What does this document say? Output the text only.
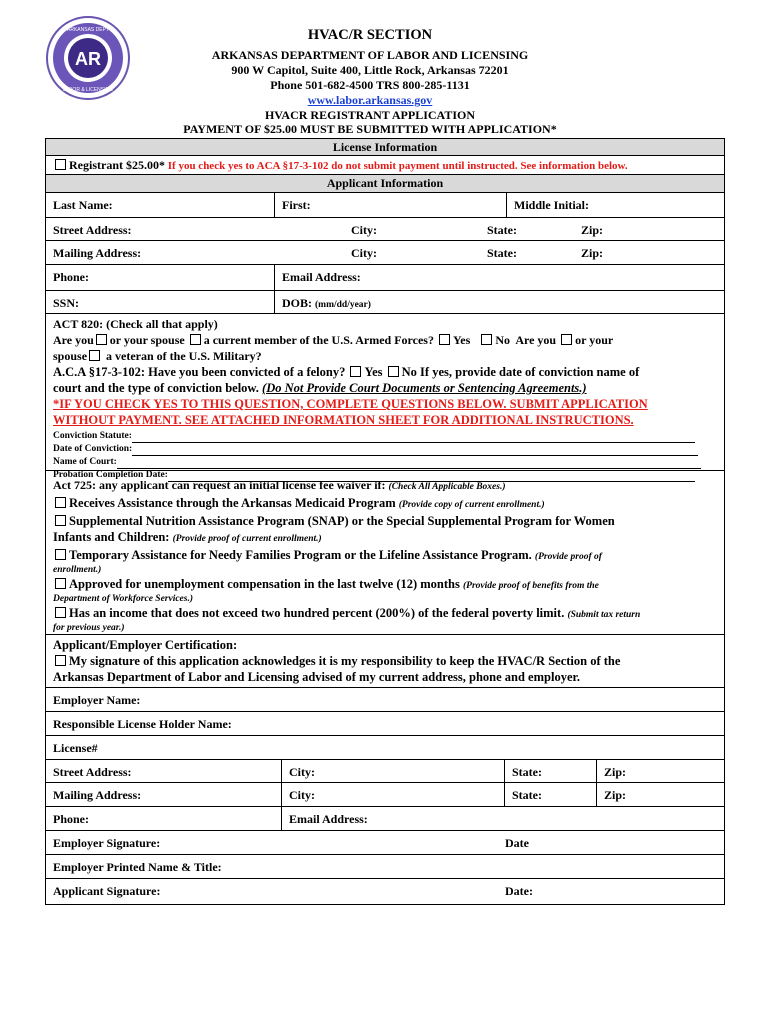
AR
ARKANSAS DEPT
LABOR & LICENSING
HVAC/R SECTION
ARKANSAS DEPARTMENT OF LABOR AND LICENSING
900 W Capitol, Suite 400, Little Rock, Arkansas 72201
Phone 501-682-4500 TRS 800-285-1131
www.labor.arkansas.gov
HVACR REGISTRANT APPLICATION
PAYMENT OF $25.00 MUST BE SUBMITTED WITH APPLICATION*
License Information
Registrant $25.00* If you check yes to ACA §17-3-102 do not submit payment until instructed. See information below.
Applicant Information
Last Name:	First:	Middle Initial:
Street Address:	City:	State:	Zip:
Mailing Address:	City:	State:	Zip:
Phone:	Email Address:
SSN:	DOB: (mm/dd/year)

ACT 820: (Check all that apply)

Are you or your spouse a current member of the U.S. Armed Forces? Yes No Are you or your

spouse a veteran of the U.S. Military?

A.C.A §17-3-102: Have you been convicted of a felony? Yes No If yes, provide date of conviction name of

court and the type of conviction below. (Do Not Provide Court Documents or Sentencing Agreements.)

*IF YOU CHECK YES TO THIS QUESTION, COMPLETE QUESTIONS BELOW. SUBMIT APPLICATION

WITHOUT PAYMENT. SEE ATTACHED INFORMATION SHEET FOR ADDITIONAL INSTRUCTIONS.

Conviction Statute:

Date of Conviction:

Name of Court:

Probation Completion Date:

Act 725: any applicant can request an initial license fee waiver if: (Check All Applicable Boxes.)

Receives Assistance through the Arkansas Medicaid Program (Provide copy of current enrollment.)

Supplemental Nutrition Assistance Program (SNAP) or the Special Supplemental Program for Women

Infants and Children: (Provide proof of current enrollment.)

Temporary Assistance for Needy Families Program or the Lifeline Assistance Program. (Provide proof of

enrollment.)

Approved for unemployment compensation in the last twelve (12) months (Provide proof of benefits from the

Department of Workforce Services.)

Has an income that does not exceed two hundred percent (200%) of the federal poverty limit. (Submit tax return

for previous year.)

Applicant/Employer Certification:

My signature of this application acknowledges it is my responsibility to keep the HVAC/R Section of the

Arkansas Department of Labor and Licensing advised of my current address, phone and employer.

Employer Name:
Responsible License Holder Name:
License#
Street Address:	City:	State:	Zip:
Mailing Address:	City:	State:	Zip:
Phone:	Email Address:
Employer Signature:	Date
Employer Printed Name & Title:
Applicant Signature:	Date:
